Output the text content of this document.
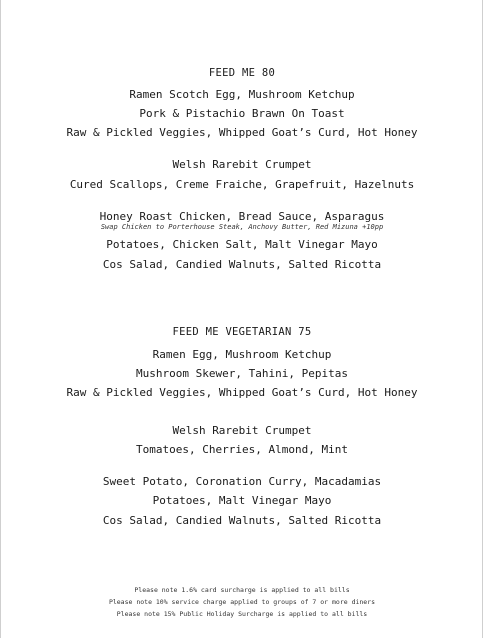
FEED ME 80
Ramen Scotch Egg, Mushroom Ketchup
Pork & Pistachio Brawn On Toast
Raw & Pickled Veggies, Whipped Goat’s Curd, Hot Honey
Welsh Rarebit Crumpet
Cured Scallops, Creme Fraiche, Grapefruit, Hazelnuts
Honey Roast Chicken, Bread Sauce, Asparagus
Swap Chicken to Porterhouse Steak, Anchovy Butter, Red Mizuna +10pp
Potatoes, Chicken Salt, Malt Vinegar Mayo
Cos Salad, Candied Walnuts, Salted Ricotta
FEED ME VEGETARIAN 75
Ramen Egg, Mushroom Ketchup
Mushroom Skewer, Tahini, Pepitas
Raw & Pickled Veggies, Whipped Goat’s Curd, Hot Honey
Welsh Rarebit Crumpet
Tomatoes, Cherries, Almond, Mint
Sweet Potato, Coronation Curry, Macadamias
Potatoes, Malt Vinegar Mayo
Cos Salad, Candied Walnuts, Salted Ricotta
Please note 1.6% card surcharge is applied to all bills
Please note 10% service charge applied to groups of 7 or more diners
Please note 15% Public Holiday Surcharge is applied to all bills
